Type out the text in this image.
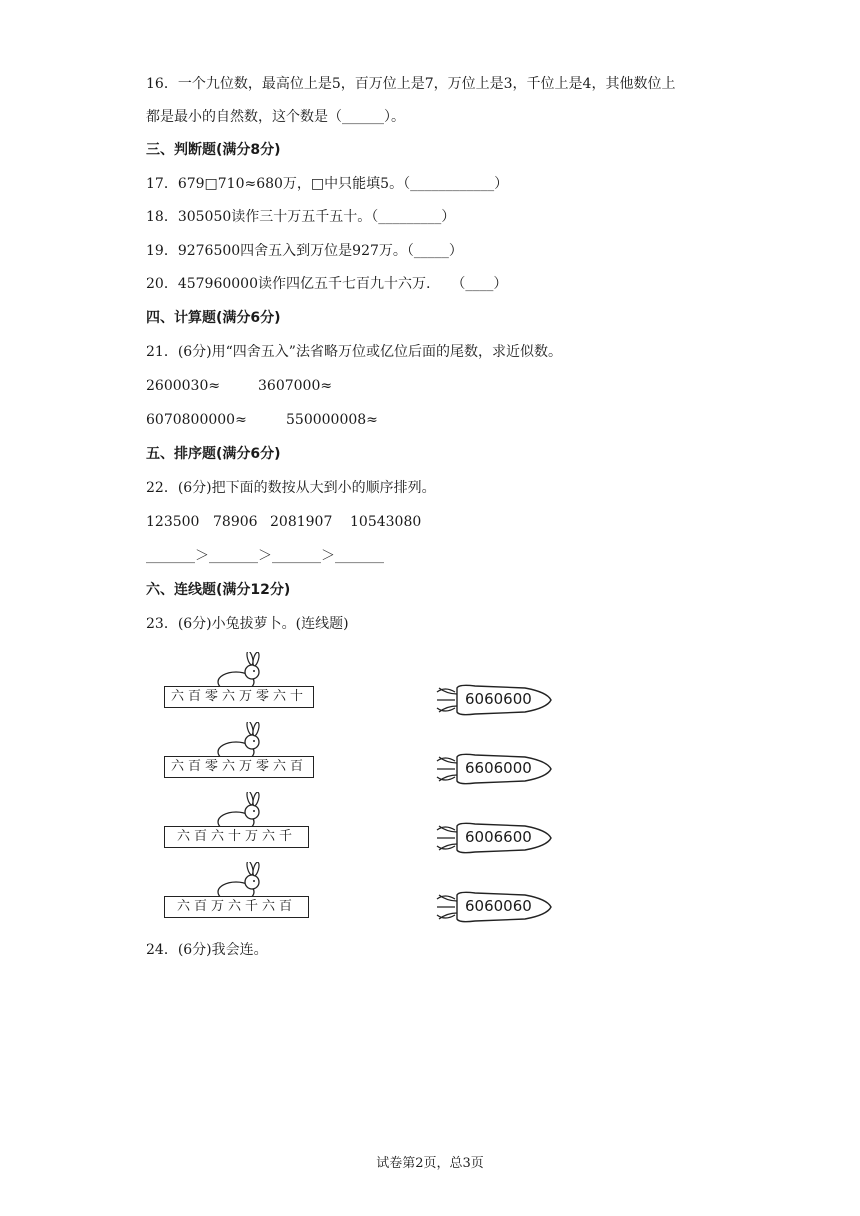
16．一个九位数，最高位上是5，百万位上是7，万位上是3，千位上是4，其他数位上
都是最小的自然数，这个数是（______）。
三、判断题(满分8分)
17．679□710≈680万，□中只能填5。（____________）
18．305050读作三十万五千五十。（_________）
19．9276500四舍五入到万位是927万。（_____）
20．457960000读作四亿五千七百九十六万.　　（____）
四、计算题(满分6分)
21．(6分)用“四舍五入”法省略万位或亿位后面的尾数，求近似数。
2600030≈	3607000≈
6070800000≈	550000008≈
五、排序题(满分6分)
22．(6分)把下面的数按从大到小的顺序排列。
123500 78906 2081907 10543080
_______＞_______＞_______＞_______
六、连线题(满分12分)
23．(6分)小兔拔萝卜。(连线题)
六百零六万零六十
六百零六万零六百
六百六十万六千
六百万六千六百
6060600
6606000
6006600
6060060
24．(6分)我会连。
试卷第2页，总3页
